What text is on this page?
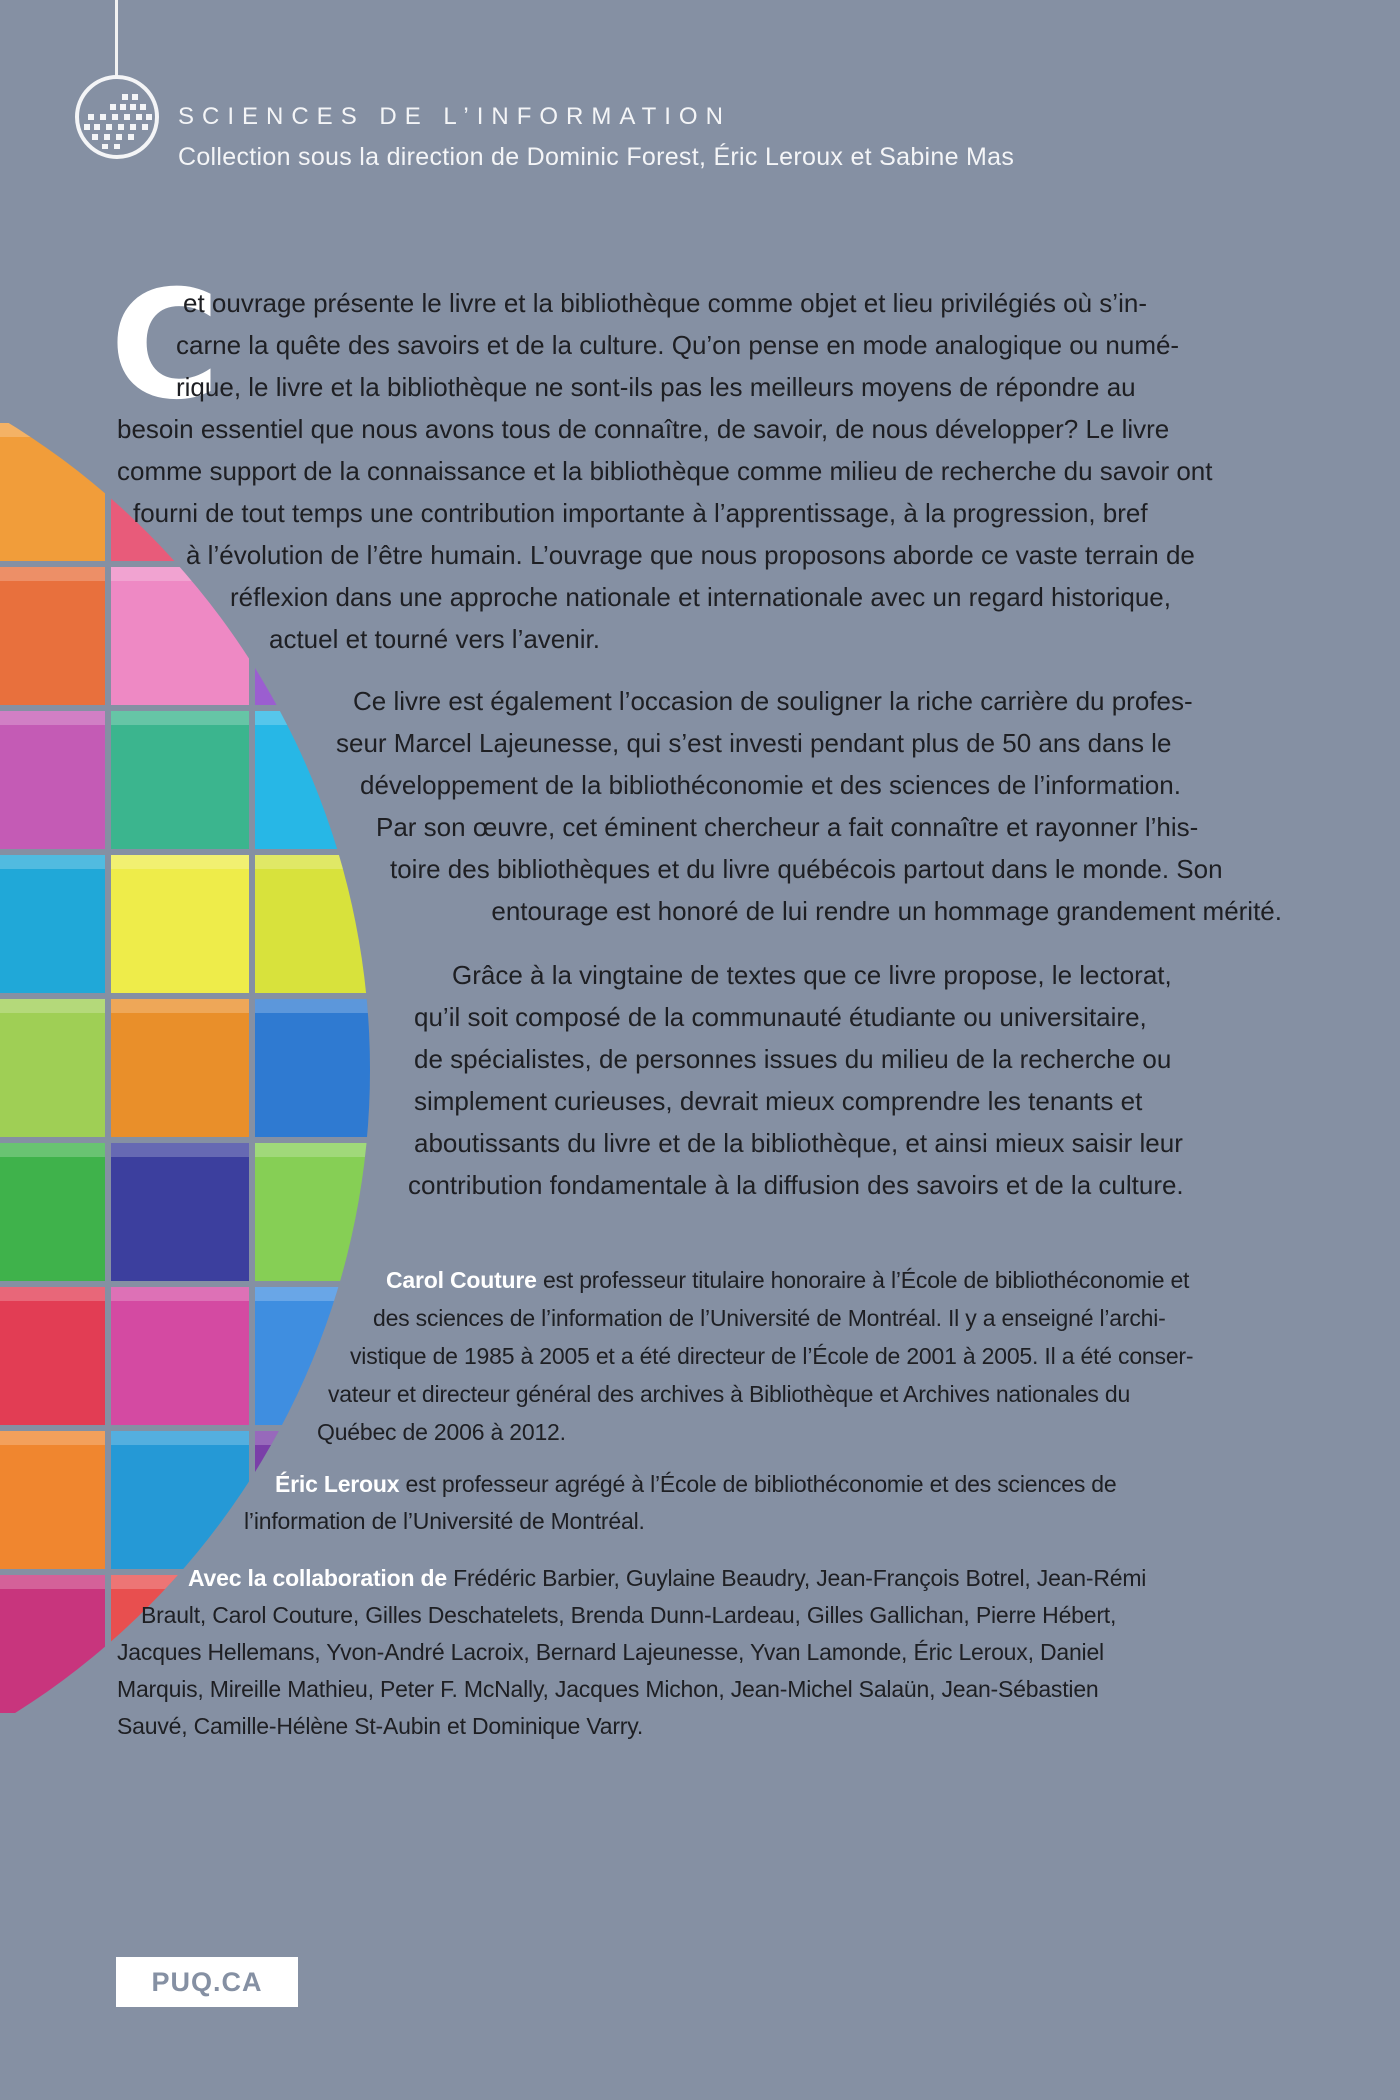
SCIENCES DE L’INFORMATION
Collection sous la direction de Dominic Forest, Éric Leroux et Sabine Mas
C

et ouvrage présente le livre et la bibliothèque comme objet et lieu privilégiés où s’in-

carne la quête des savoirs et de la culture. Qu’on pense en mode analogique ou numé-

rique, le livre et la bibliothèque ne sont-ils pas les meilleurs moyens de répondre au

besoin essentiel que nous avons tous de connaître, de savoir, de nous développer? Le livre

comme support de la connaissance et la bibliothèque comme milieu de recherche du savoir ont

fourni de tout temps une contribution importante à l’apprentissage, à la progression, bref

à l’évolution de l’être humain. L’ouvrage que nous proposons aborde ce vaste terrain de

réflexion dans une approche nationale et internationale avec un regard historique,

actuel et tourné vers l’avenir.

Ce livre est également l’occasion de souligner la riche carrière du profes-

seur Marcel Lajeunesse, qui s’est investi pendant plus de 50 ans dans le

développement de la bibliothéconomie et des sciences de l’information.

Par son œuvre, cet éminent chercheur a fait connaître et rayonner l’his-

toire des bibliothèques et du livre québécois partout dans le monde. Son

entourage est honoré de lui rendre un hommage grandement mérité.

Grâce à la vingtaine de textes que ce livre propose, le lectorat,

qu’il soit composé de la communauté étudiante ou universitaire,

de spécialistes, de personnes issues du milieu de la recherche ou

simplement curieuses, devrait mieux comprendre les tenants et

aboutissants du livre et de la bibliothèque, et ainsi mieux saisir leur

contribution fondamentale à la diffusion des savoirs et de la culture.

Carol Couture est professeur titulaire honoraire à l’École de bibliothéconomie et

des sciences de l’information de l’Université de Montréal. Il y a enseigné l’archi-

vistique de 1985 à 2005 et a été directeur de l’École de 2001 à 2005. Il a été conser-

vateur et directeur général des archives à Bibliothèque et Archives nationales du

Québec de 2006 à 2012.

Éric Leroux est professeur agrégé à l’École de bibliothéconomie et des sciences de

l’information de l’Université de Montréal.

Avec la collaboration de Frédéric Barbier, Guylaine Beaudry, Jean-François Botrel, Jean-Rémi

Brault, Carol Couture, Gilles Deschatelets, Brenda Dunn-Lardeau, Gilles Gallichan, Pierre Hébert,

Jacques Hellemans, Yvon-André Lacroix, Bernard Lajeunesse, Yvan Lamonde, Éric Leroux, Daniel

Marquis, Mireille Mathieu, Peter F. McNally, Jacques Michon, Jean-Michel Salaün, Jean-Sébastien

Sauvé, Camille-Hélène St-Aubin et Dominique Varry.

PUQ.CA
